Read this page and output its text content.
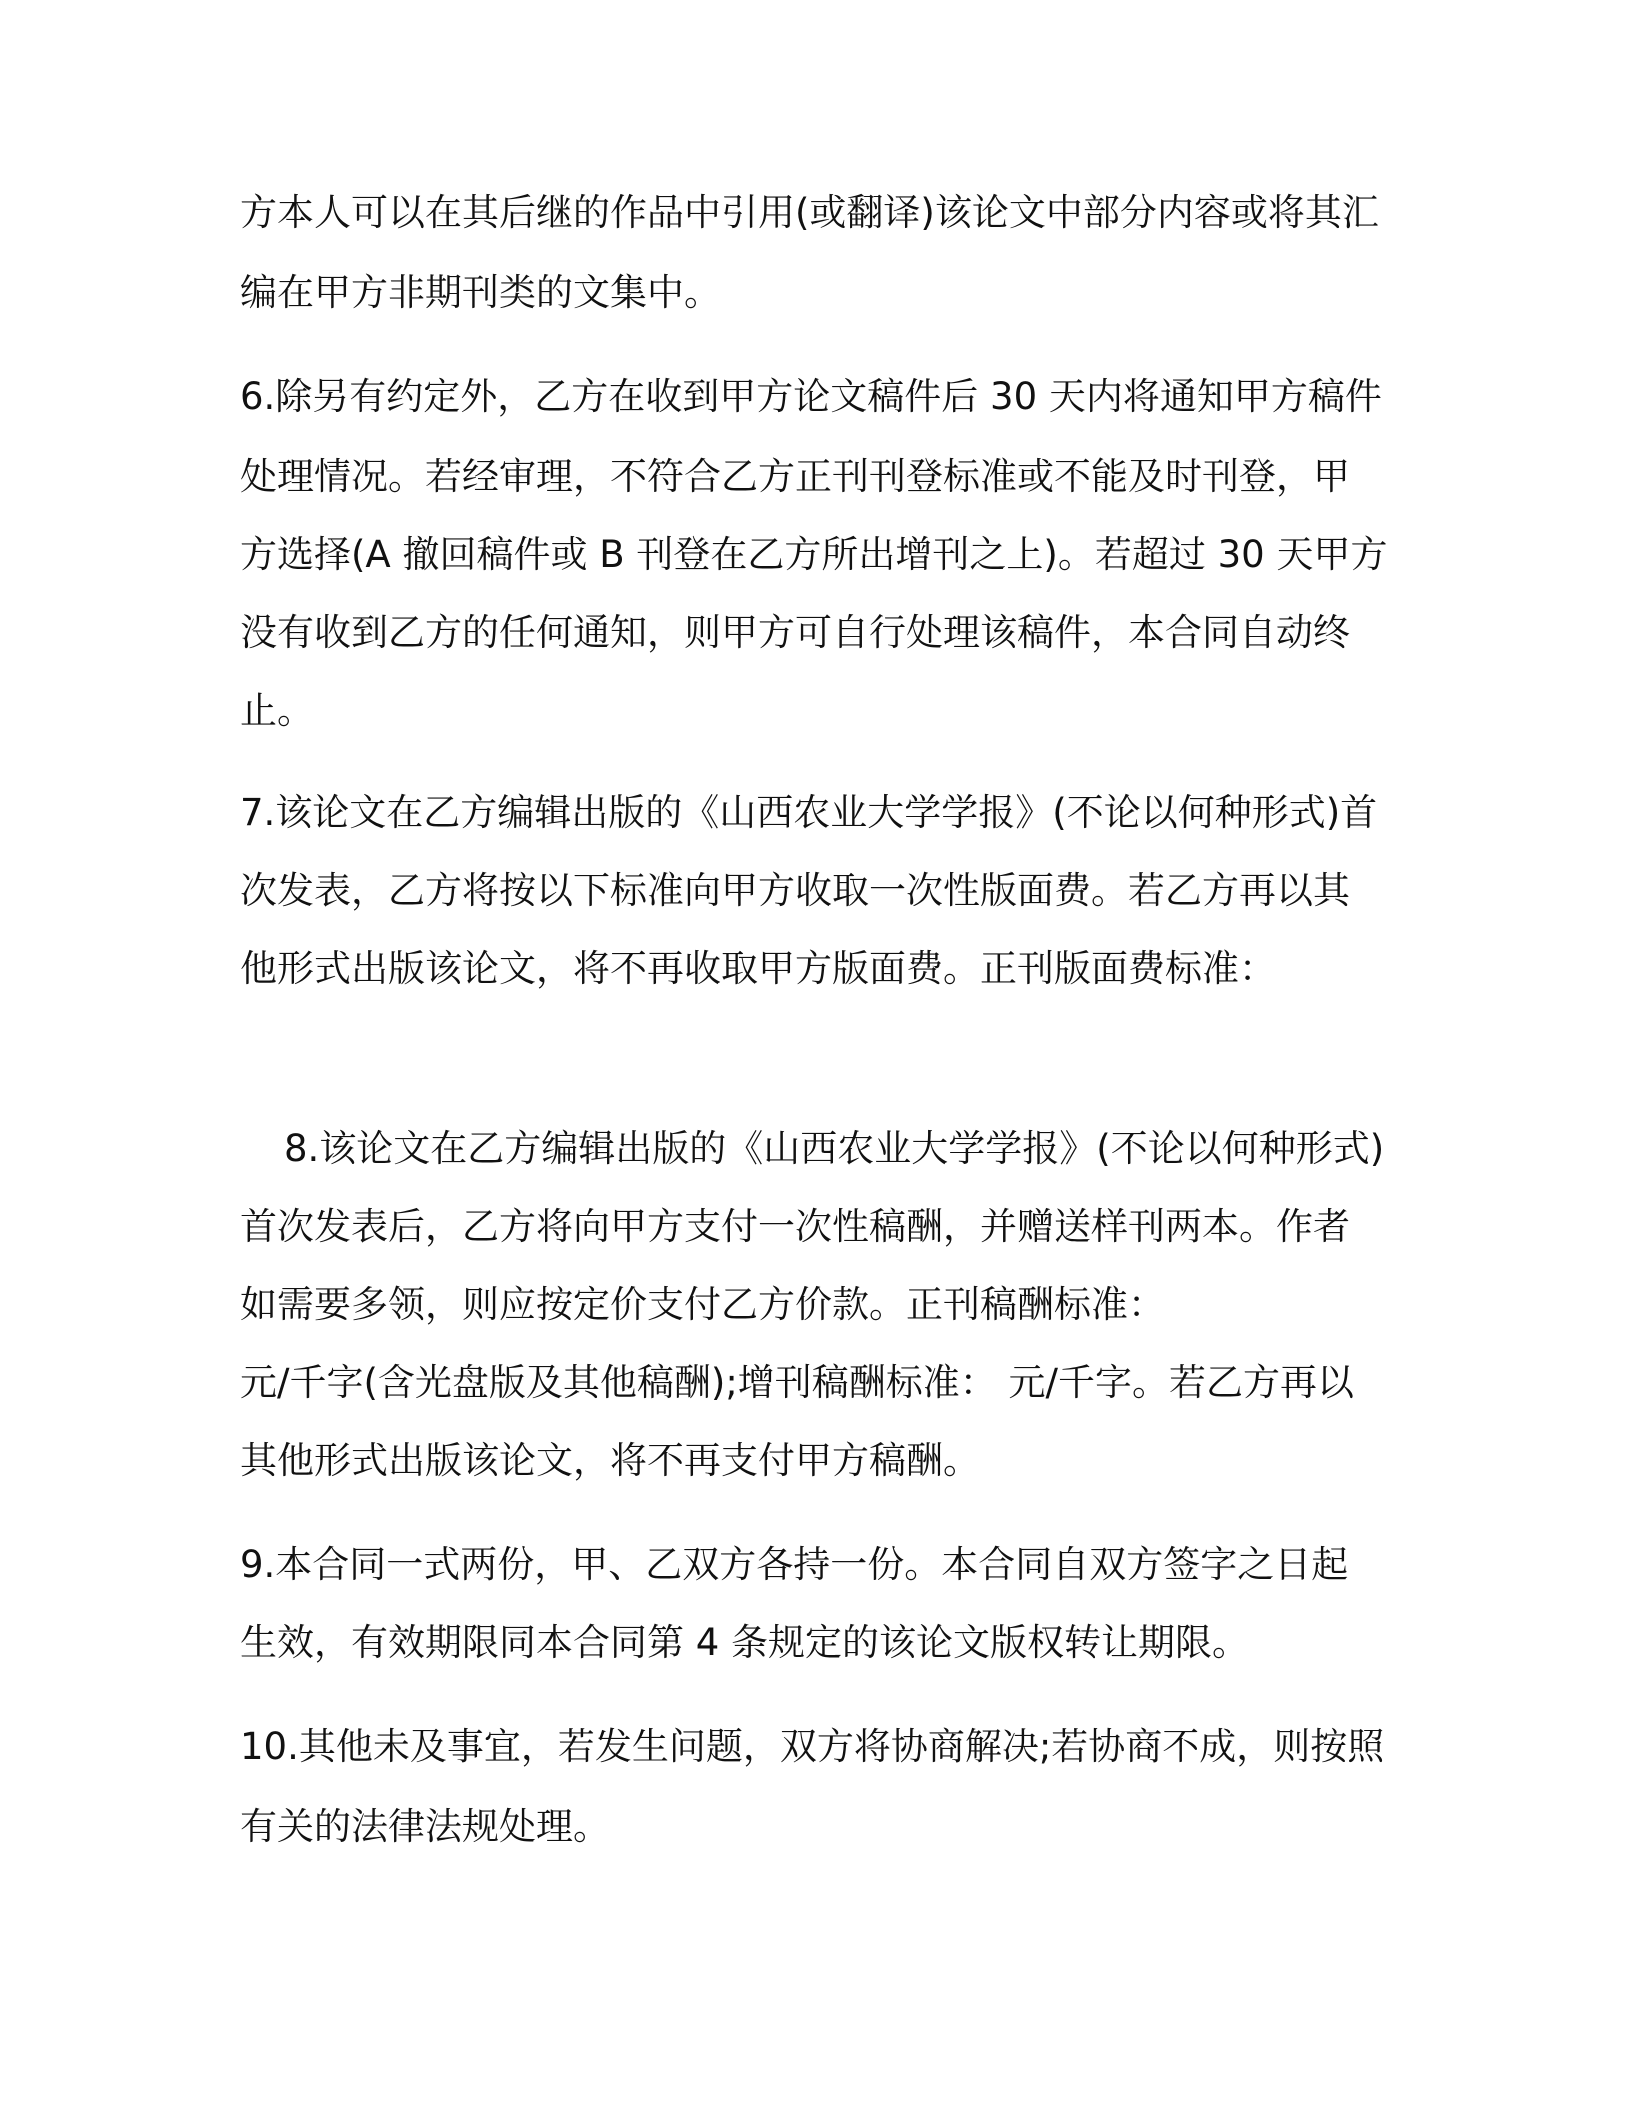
方本人可以在其后继的作品中引用(或翻译)该论文中部分内容或将其汇

编在甲方非期刊类的文集中。

6.除另有约定外，乙方在收到甲方论文稿件后 30 天内将通知甲方稿件

处理情况。若经审理，不符合乙方正刊刊登标准或不能及时刊登，甲

方选择(A 撤回稿件或 B 刊登在乙方所出增刊之上)。若超过 30 天甲方

没有收到乙方的任何通知，则甲方可自行处理该稿件，本合同自动终

止。

7.该论文在乙方编辑出版的《山西农业大学学报》(不论以何种形式)首

次发表，乙方将按以下标准向甲方收取一次性版面费。若乙方再以其

他形式出版该论文，将不再收取甲方版面费。正刊版面费标准：

8.该论文在乙方编辑出版的《山西农业大学学报》(不论以何种形式)

首次发表后，乙方将向甲方支付一次性稿酬，并赠送样刊两本。作者

如需要多领，则应按定价支付乙方价款。正刊稿酬标准：

元/千字(含光盘版及其他稿酬);增刊稿酬标准： 元/千字。若乙方再以

其他形式出版该论文，将不再支付甲方稿酬。

9.本合同一式两份，甲、乙双方各持一份。本合同自双方签字之日起

生效，有效期限同本合同第 4 条规定的该论文版权转让期限。

10.其他未及事宜，若发生问题，双方将协商解决;若协商不成，则按照

有关的法律法规处理。
